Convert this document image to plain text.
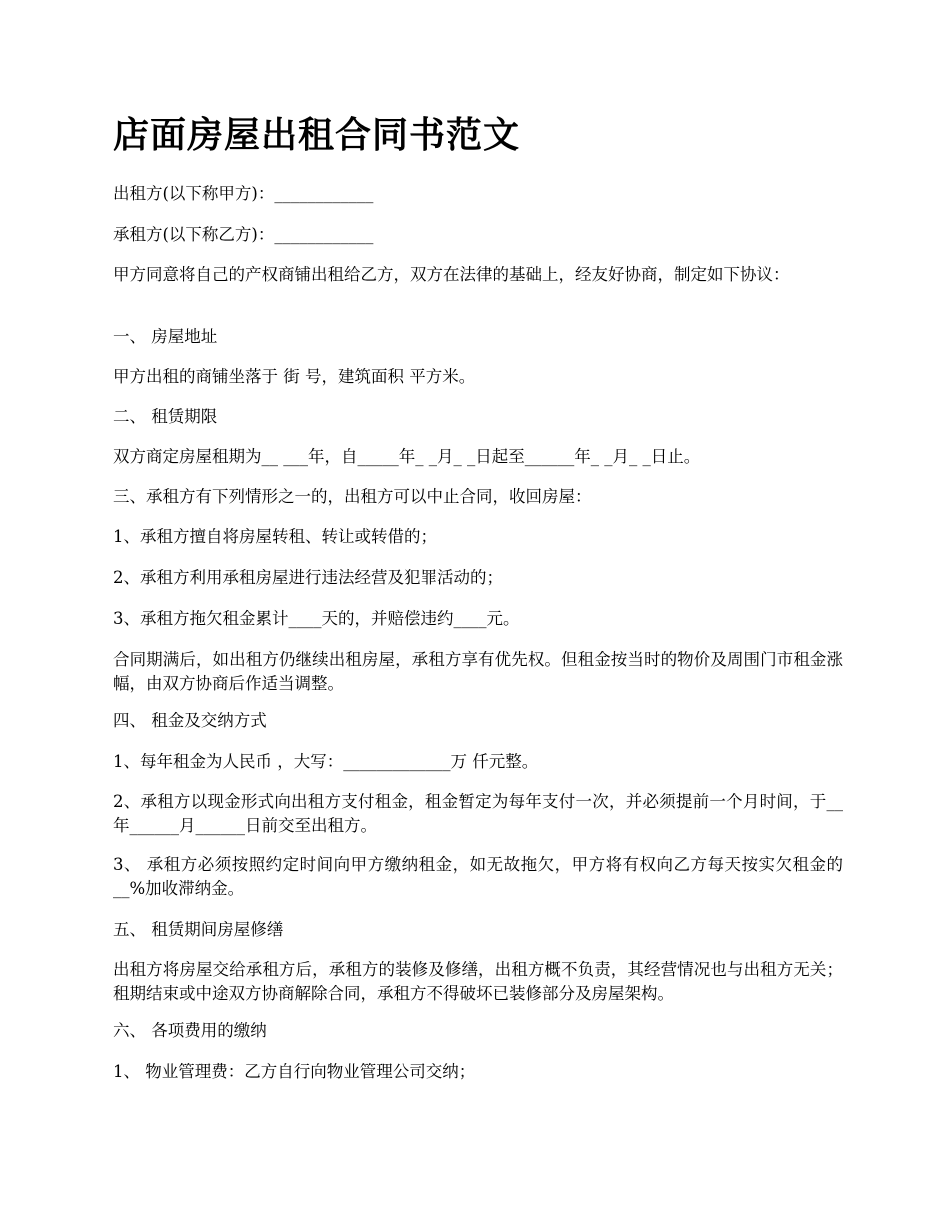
店面房屋出租合同书范文

出租方(以下称甲方)：____________

承租方(以下称乙方)：____________

甲方同意将自己的产权商铺出租给乙方，双方在法律的基础上，经友好协商，制定如下协议：

一、 房屋地址

甲方出租的商铺坐落于 街 号，建筑面积 平方米。

二、 租赁期限

双方商定房屋租期为__ ___年，自_____年_ _月_ _日起至______年_ _月_ _日止。

三、承租方有下列情形之一的，出租方可以中止合同，收回房屋：

1、承租方擅自将房屋转租、转让或转借的；

2、承租方利用承租房屋进行违法经营及犯罪活动的；

3、承租方拖欠租金累计____天的，并赔偿违约____元。

合同期满后，如出租方仍继续出租房屋，承租方享有优先权。但租金按当时的物价及周围门市租金涨幅，由双方协商后作适当调整。

四、 租金及交纳方式

1、每年租金为人民币 ，大写：_____________万 仟元整。

2、承租方以现金形式向出租方支付租金，租金暂定为每年支付一次，并必须提前一个月时间，于__年______月______日前交至出租方。

3、 承租方必须按照约定时间向甲方缴纳租金，如无故拖欠，甲方将有权向乙方每天按实欠租金的__%加收滞纳金。

五、 租赁期间房屋修缮

出租方将房屋交给承租方后，承租方的装修及修缮，出租方概不负责，其经营情况也与出租方无关；租期结束或中途双方协商解除合同，承租方不得破坏已装修部分及房屋架构。

六、 各项费用的缴纳

1、 物业管理费：乙方自行向物业管理公司交纳；
